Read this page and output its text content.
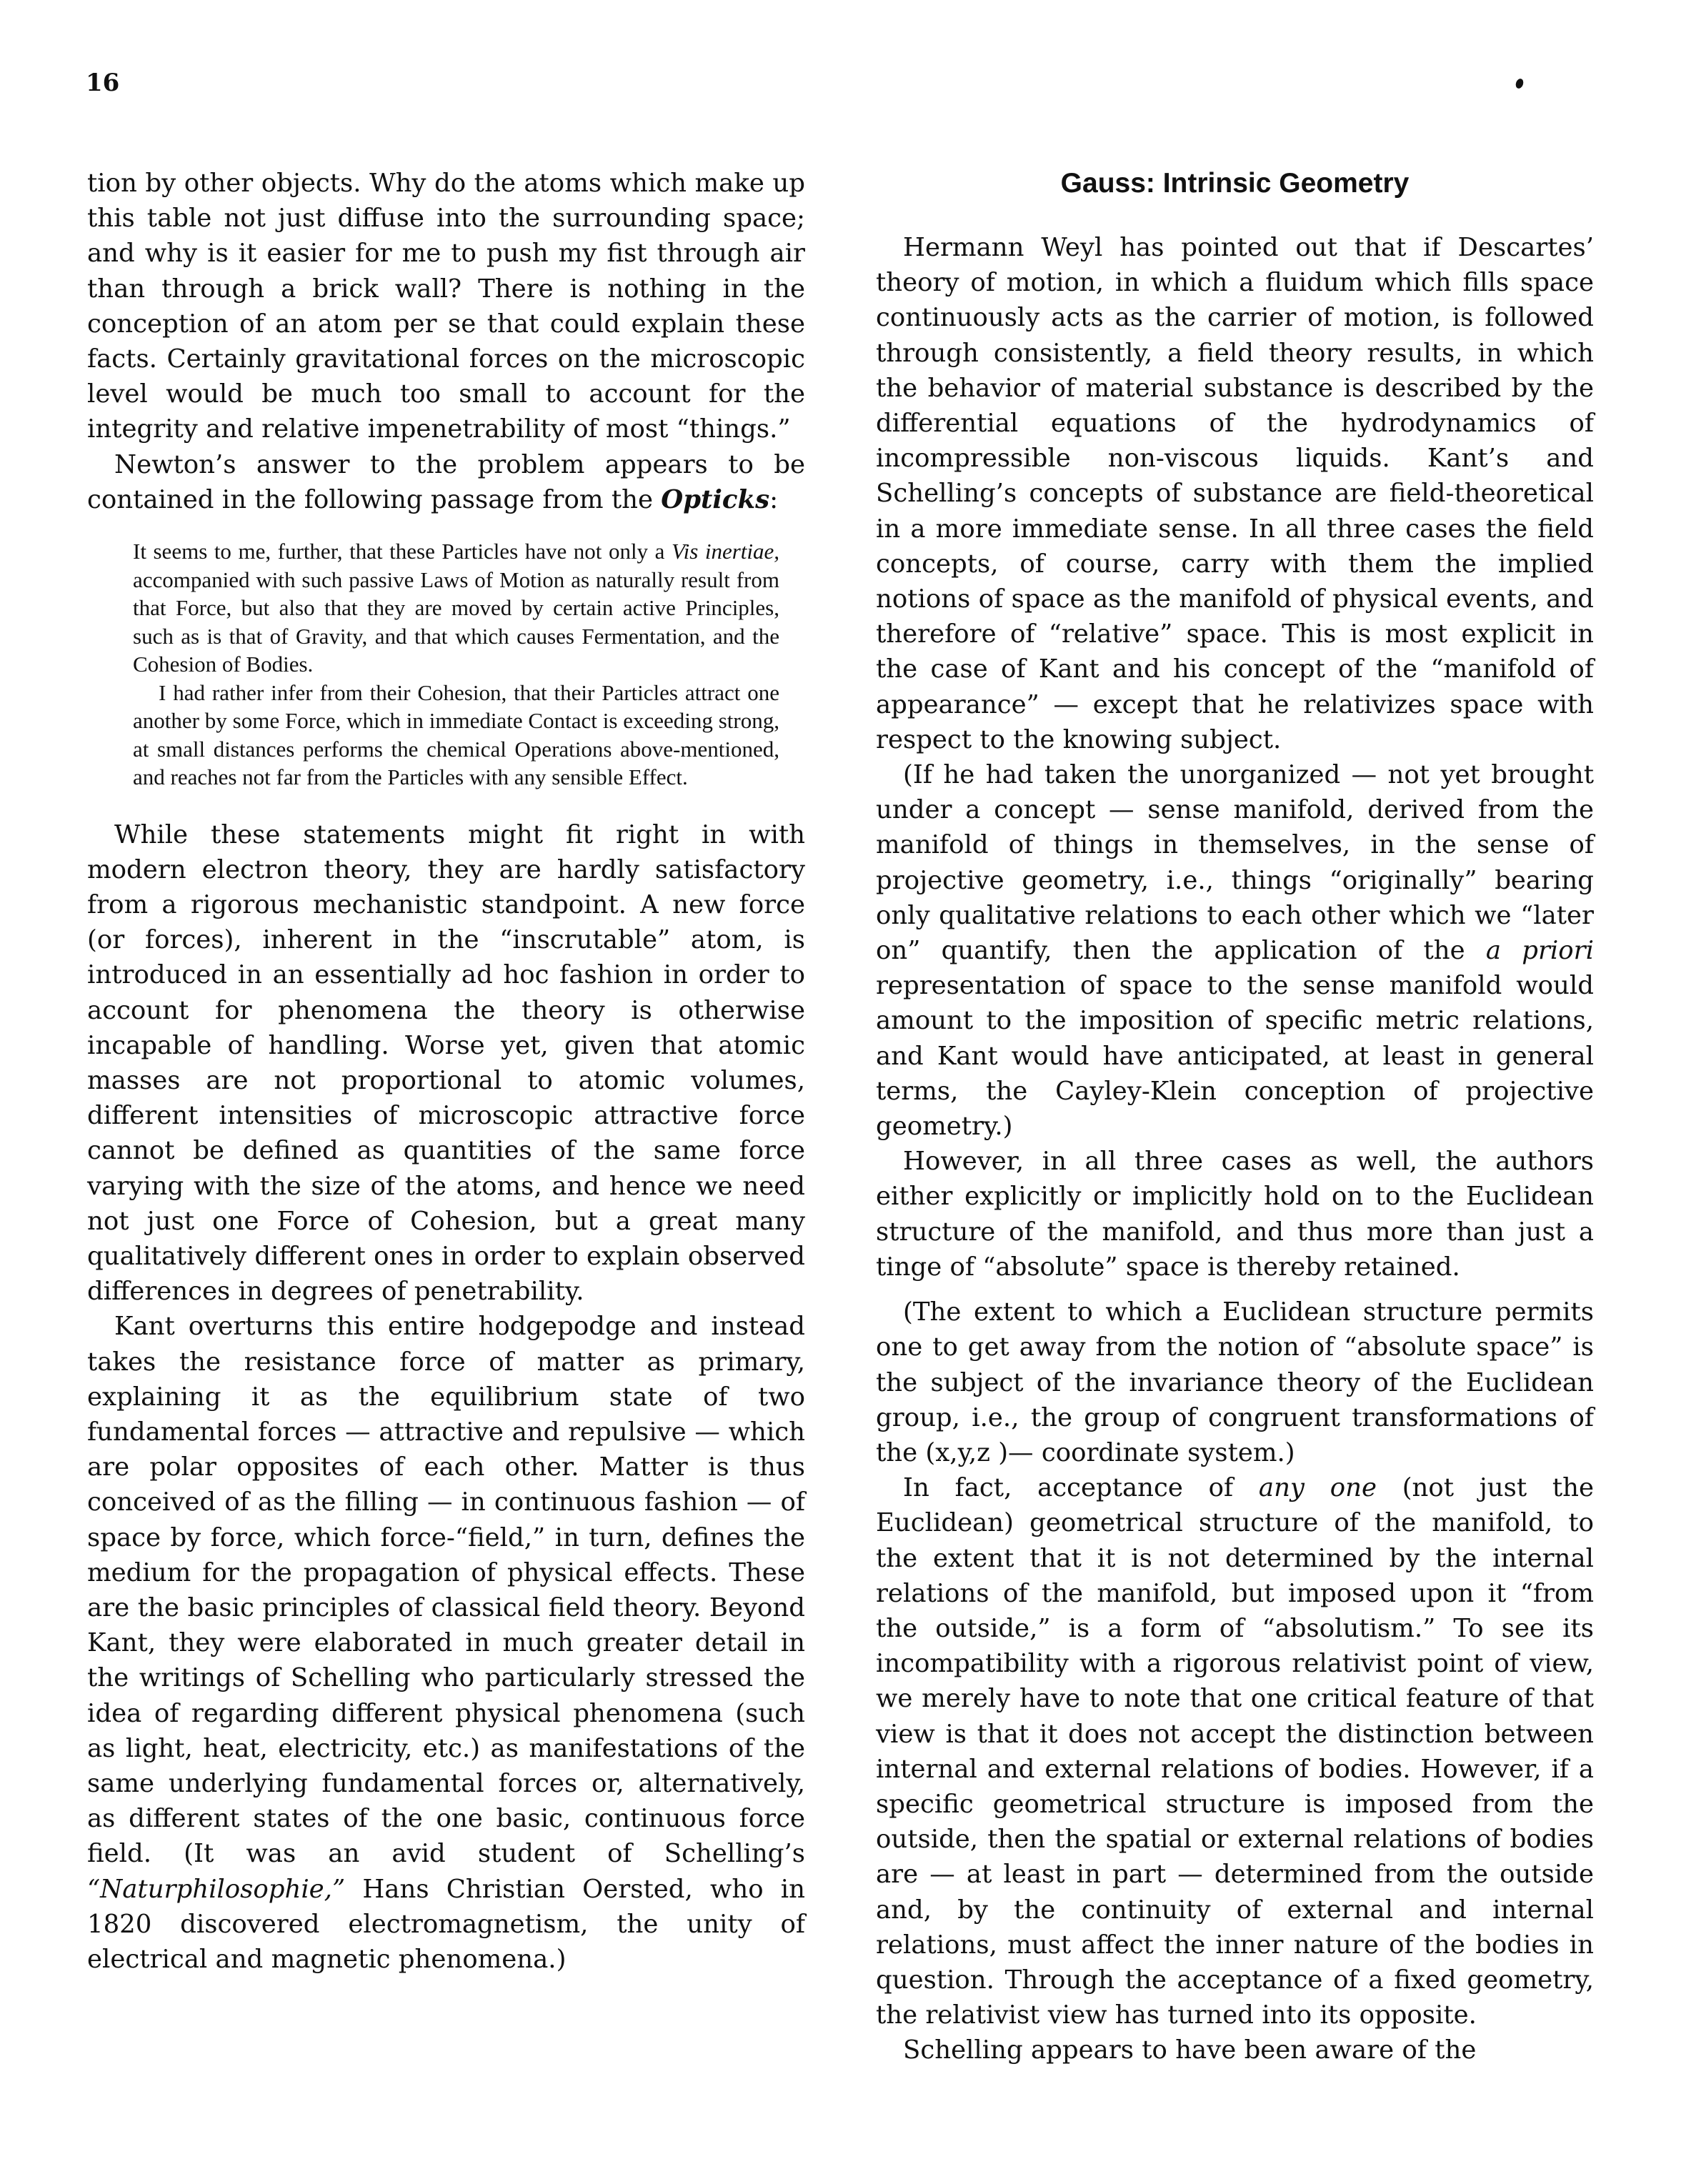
16

tion by other objects. Why do the atoms which make up this table not just diffuse into the surrounding space; and why is it easier for me to push my fist through air than through a brick wall? There is nothing in the conception of an atom per se that could explain these facts. Certainly gravitational forces on the microscopic level would be much too small to account for the integrity and relative impenetrability of most “things.”

Newton’s answer to the problem appears to be contained in the following passage from the Opticks:

It seems to me, further, that these Particles have not only a Vis inertiae, accompanied with such passive Laws of Motion as naturally result from that Force, but also that they are moved by certain active Principles, such as is that of Gravity, and that which causes Fermentation, and the Cohesion of Bodies.

I had rather infer from their Cohesion, that their Particles attract one another by some Force, which in immediate Contact is exceeding strong, at small distances performs the chemical Operations above-mentioned, and reaches not far from the Particles with any sensible Effect.

While these statements might fit right in with modern electron theory, they are hardly satisfactory from a rigorous mechanistic standpoint. A new force (or forces), inherent in the “inscrutable” atom, is introduced in an essentially ad hoc fashion in order to account for phenomena the theory is otherwise incapable of handling. Worse yet, given that atomic masses are not proportional to atomic volumes, different intensities of microscopic attractive force cannot be defined as quantities of the same force varying with the size of the atoms, and hence we need not just one Force of Cohesion, but a great many qualitatively different ones in order to explain observed differences in degrees of penetrability.

Kant overturns this entire hodgepodge and instead takes the resistance force of matter as primary, explaining it as the equilibrium state of two fundamental forces — attractive and repulsive — which are polar opposites of each other. Matter is thus conceived of as the filling — in continuous fashion — of space by force, which force-“field,” in turn, defines the medium for the propagation of physical effects. These are the basic principles of classical field theory. Beyond Kant, they were elaborated in much greater detail in the writings of Schelling who particularly stressed the idea of regarding different physical phenomena (such as light, heat, electricity, etc.) as manifestations of the same underlying fundamental forces or, alternatively, as different states of the one basic, continuous force field. (It was an avid student of Schelling’s “Naturphilosophie,” Hans Christian Oersted, who in 1820 discovered electromagnetism, the unity of electrical and magnetic phenomena.)

Gauss: Intrinsic Geometry

Hermann Weyl has pointed out that if Descartes’ theory of motion, in which a fluidum which fills space continuously acts as the carrier of motion, is followed through consistently, a field theory results, in which the behavior of material substance is described by the differential equations of the hydrodynamics of incompressible non-viscous liquids. Kant’s and Schelling’s concepts of substance are field-theoretical in a more immediate sense. In all three cases the field concepts, of course, carry with them the implied notions of space as the manifold of physical events, and therefore of “relative” space. This is most explicit in the case of Kant and his concept of the “manifold of appearance” — except that he relativizes space with respect to the knowing subject.

(If he had taken the unorganized — not yet brought under a concept — sense manifold, derived from the manifold of things in themselves, in the sense of projective geometry, i.e., things “originally” bearing only qualitative relations to each other which we “later on” quantify, then the application of the a priori representation of space to the sense manifold would amount to the imposition of specific metric relations, and Kant would have anticipated, at least in general terms, the Cayley-Klein conception of projective geometry.)

However, in all three cases as well, the authors either explicitly or implicitly hold on to the Euclidean structure of the manifold, and thus more than just a tinge of “absolute” space is thereby retained.

(The extent to which a Euclidean structure permits one to get away from the notion of “absolute space” is the subject of the invariance theory of the Euclidean group, i.e., the group of congruent transformations of the (x,y,z )— coordinate system.)

In fact, acceptance of any one (not just the Euclidean) geometrical structure of the manifold, to the extent that it is not determined by the internal relations of the manifold, but imposed upon it “from the outside,” is a form of “absolutism.” To see its incompatibility with a rigorous relativist point of view, we merely have to note that one critical feature of that view is that it does not accept the distinction between internal and external relations of bodies. However, if a specific geometrical structure is imposed from the outside, then the spatial or external relations of bodies are — at least in part — determined from the outside and, by the continuity of external and internal relations, must affect the inner nature of the bodies in question. Through the acceptance of a fixed geometry, the relativist view has turned into its opposite.

Schelling appears to have been aware of the
